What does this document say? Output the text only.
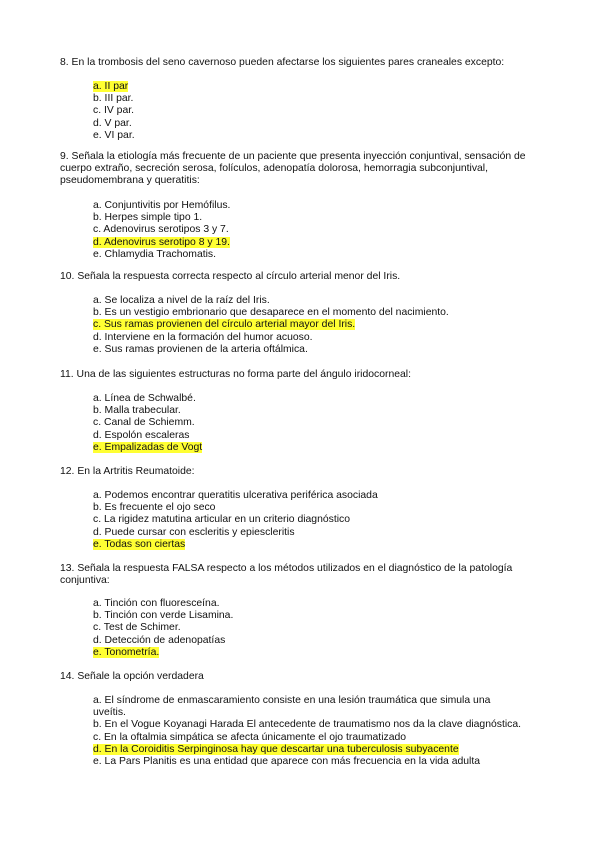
8. En la trombosis del seno cavernoso pueden afectarse los siguientes pares craneales excepto:
a. II par
b. III par.
c. IV par.
d. V par.
e. VI par.
9. Señala la etiología más frecuente de un paciente que presenta inyección conjuntival, sensación de cuerpo extraño, secreción serosa, folículos, adenopatía dolorosa, hemorragia subconjuntival, pseudomembrana y queratitis:
a. Conjuntivitis por Hemófilus.
b. Herpes simple tipo 1.
c. Adenovirus serotipos 3 y 7.
d. Adenovirus serotipo 8 y 19.
e. Chlamydia Trachomatis.
10. Señala la respuesta correcta respecto al círculo arterial menor del Iris.
a. Se localiza a nivel de la raíz del Iris.
b. Es un vestigio embrionario que desaparece en el momento del nacimiento.
c. Sus ramas provienen del círculo arterial mayor del Iris.
d. Interviene en la formación del humor acuoso.
e. Sus ramas provienen de la arteria oftálmica.
11. Una de las siguientes estructuras no forma parte del ángulo iridocorneal:
a. Línea de Schwalbé.
b. Malla trabecular.
c. Canal de Schiemm.
d. Espolón escaleras
e. Empalizadas de Vogt
12. En la Artritis Reumatoide:
a. Podemos encontrar queratitis ulcerativa periférica asociada
b. Es frecuente el ojo seco
c. La rigidez matutina articular en un criterio diagnóstico
d. Puede cursar con escleritis y epiescleritis
e. Todas son ciertas
13. Señala la respuesta FALSA respecto a los métodos utilizados en el diagnóstico de la patología conjuntiva:
a. Tinción con fluoresceína.
b. Tinción con verde Lisamina.
c. Test de Schimer.
d. Detección de adenopatías
e. Tonometría.
14. Señale la opción verdadera
a. El síndrome de enmascaramiento consiste en una lesión traumática que simula una uveítis.
b. En el Vogue Koyanagi Harada El antecedente de traumatismo nos da la clave diagnóstica.
c. En la oftalmia simpática se afecta únicamente el ojo traumatizado
d. En la Coroiditis Serpinginosa hay que descartar una tuberculosis subyacente
e. La Pars Planitis es una entidad que aparece con más frecuencia en la vida adulta
